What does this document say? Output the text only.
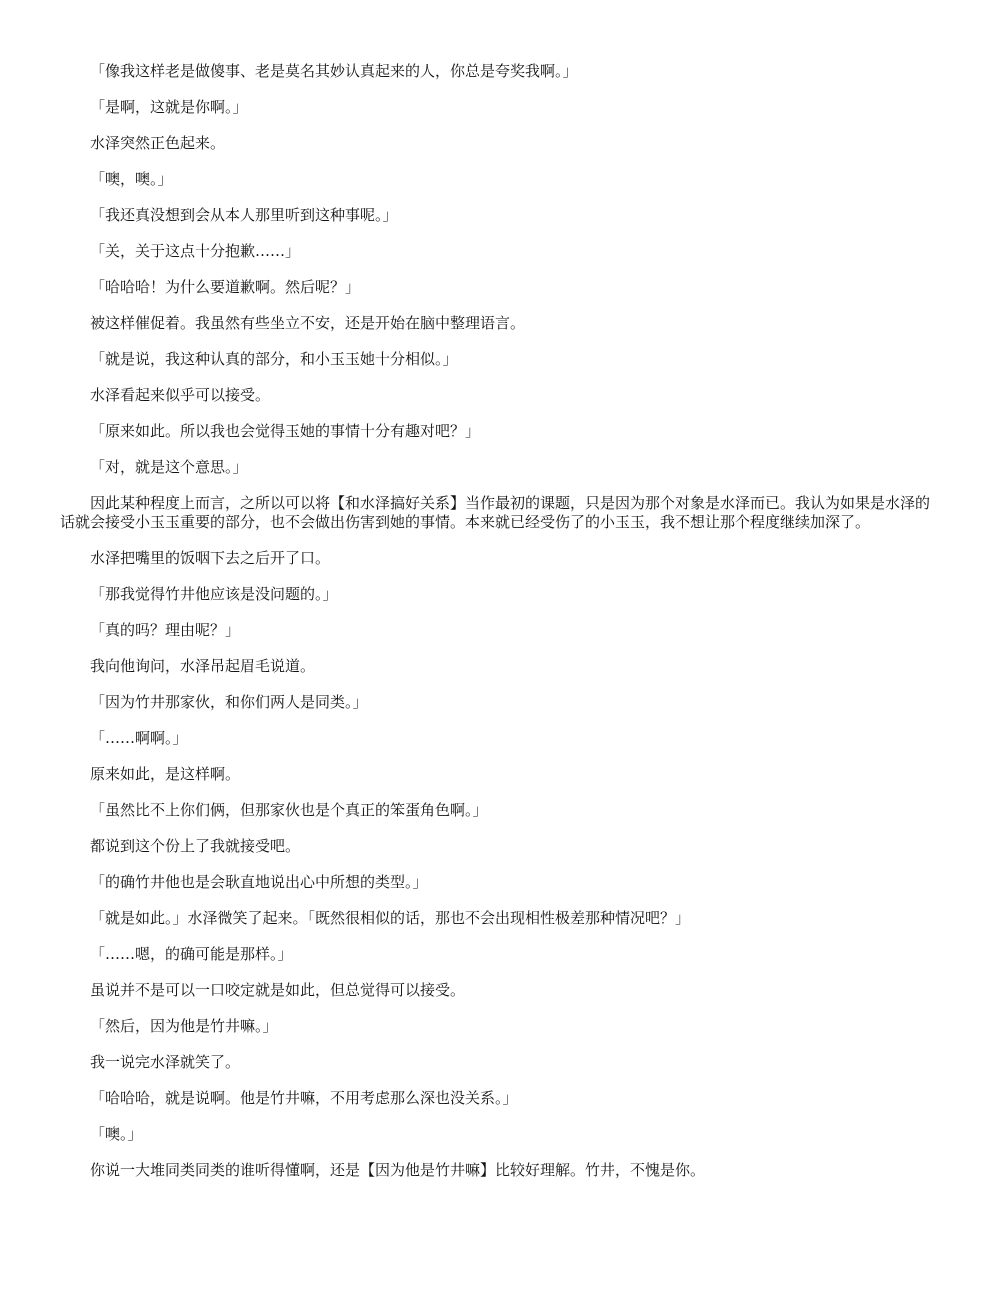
「像我这样老是做傻事、老是莫名其妙认真起来的人，你总是夸奖我啊。」

「是啊，这就是你啊。」

水泽突然正色起来。

「噢，噢。」

「我还真没想到会从本人那里听到这种事呢。」

「关，关于这点十分抱歉……」

「哈哈哈！为什么要道歉啊。然后呢？」

被这样催促着。我虽然有些坐立不安，还是开始在脑中整理语言。

「就是说，我这种认真的部分，和小玉玉她十分相似。」

水泽看起来似乎可以接受。

「原来如此。所以我也会觉得玉她的事情十分有趣对吧？」

「对，就是这个意思。」

因此某种程度上而言，之所以可以将【和水泽搞好关系】当作最初的课题，只是因为那个对象是水泽而已。我认为如果是水泽的话就会接受小玉玉重要的部分，也不会做出伤害到她的事情。本来就已经受伤了的小玉玉，我不想让那个程度继续加深了。

水泽把嘴里的饭咽下去之后开了口。

「那我觉得竹井他应该是没问题的。」

「真的吗？理由呢？」

我向他询问，水泽吊起眉毛说道。

「因为竹井那家伙，和你们两人是同类。」

「……啊啊。」

原来如此，是这样啊。

「虽然比不上你们俩，但那家伙也是个真正的笨蛋角色啊。」

都说到这个份上了我就接受吧。

「的确竹井他也是会耿直地说出心中所想的类型。」

「就是如此。」水泽微笑了起来。「既然很相似的话，那也不会出现相性极差那种情况吧？」

「……嗯，的确可能是那样。」

虽说并不是可以一口咬定就是如此，但总觉得可以接受。

「然后，因为他是竹井嘛。」

我一说完水泽就笑了。

「哈哈哈，就是说啊。他是竹井嘛，不用考虑那么深也没关系。」

「噢。」

你说一大堆同类同类的谁听得懂啊，还是【因为他是竹井嘛】比较好理解。竹井，不愧是你。
